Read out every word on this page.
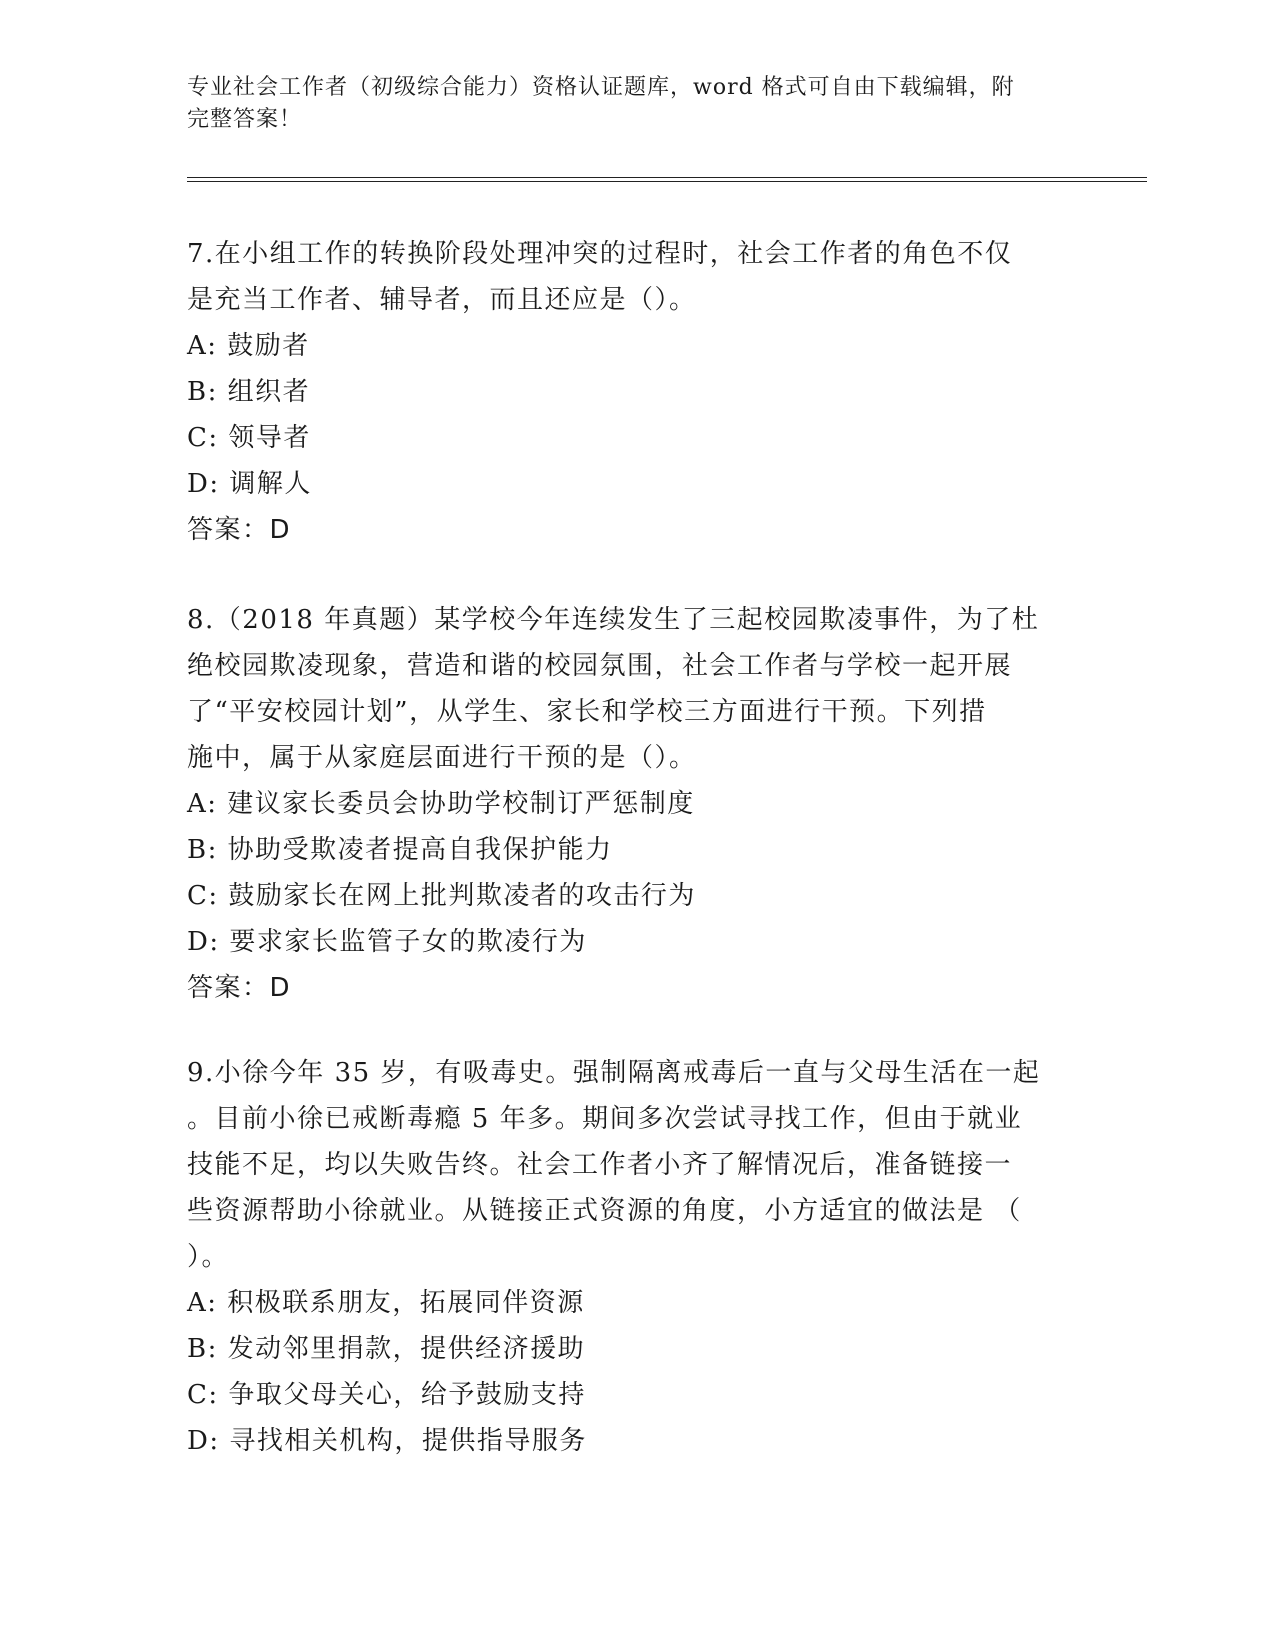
专业社会工作者（初级综合能力）资格认证题库，word 格式可自由下载编辑，附
完整答案！
7.在小组工作的转换阶段处理冲突的过程时，社会工作者的角色不仅
是充当工作者、辅导者，而且还应是（）。
A: 鼓励者
B: 组织者
C: 领导者
D: 调解人
答案：D
8.（2018 年真题）某学校今年连续发生了三起校园欺凌事件，为了杜
绝校园欺凌现象，营造和谐的校园氛围，社会工作者与学校一起开展
了“平安校园计划”，从学生、家长和学校三方面进行干预。下列措
施中，属于从家庭层面进行干预的是（）。
A: 建议家长委员会协助学校制订严惩制度
B: 协助受欺凌者提高自我保护能力
C: 鼓励家长在网上批判欺凌者的攻击行为
D: 要求家长监管子女的欺凌行为
答案：D
9.小徐今年 35 岁，有吸毒史。强制隔离戒毒后一直与父母生活在一起
。目前小徐已戒断毒瘾 5 年多。期间多次尝试寻找工作，但由于就业
技能不足，均以失败告终。社会工作者小齐了解情况后，准备链接一
些资源帮助小徐就业。从链接正式资源的角度，小方适宜的做法是 （
）。
A: 积极联系朋友，拓展同伴资源
B: 发动邻里捐款，提供经济援助
C: 争取父母关心，给予鼓励支持
D: 寻找相关机构，提供指导服务
